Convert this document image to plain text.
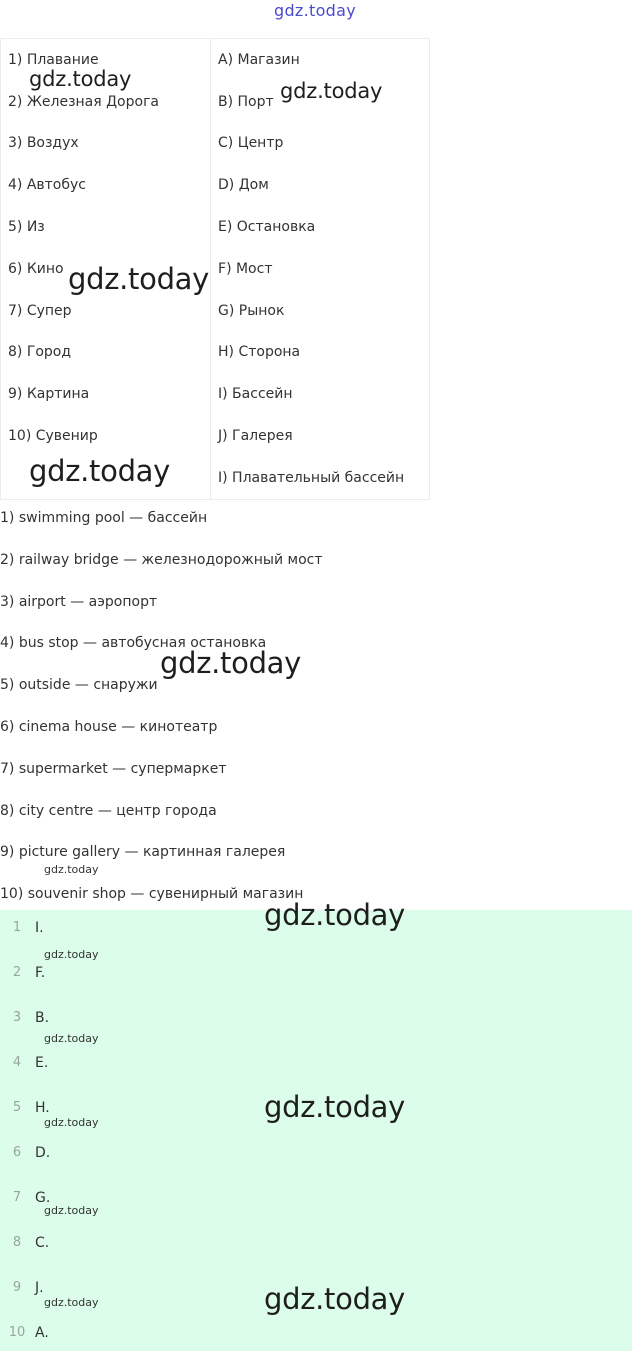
gdz.today
1) Плавание	A) Магазин
2) Железная Дорога	B) Порт
3) Воздух	C) Центр
4) Автобус	D) Дом
5) Из	E) Остановка
6) Кино	F) Мост
7) Супер	G) Рынок
8) Город	H) Сторона
9) Картина	I) Бассейн
10) Сувенир	J) Галерея
	I) Плавательный бассейн
1) swimming pool — бассейн
2) railway bridge — железнодорожный мост
3) airport — аэропорт
4) bus stop — автобусная остановка
5) outside — снаружи
6) cinema house — кинотеатр
7) supermarket — супермаркет
8) city centre — центр города
9) picture gallery — картинная галерея
10) souvenir shop — сувенирный магазин
1 I.
2 F.
3 B.
4 E.
5 H.
6 D.
7 G.
8 C.
9 J.
10 A.
gdz.today	gdz.today
gdz.today
gdz.today
gdz.today
gdz.today
gdz.today
gdz.today
gdz.today
gdz.today
gdz.today
gdz.today
gdz.today
gdz.today
